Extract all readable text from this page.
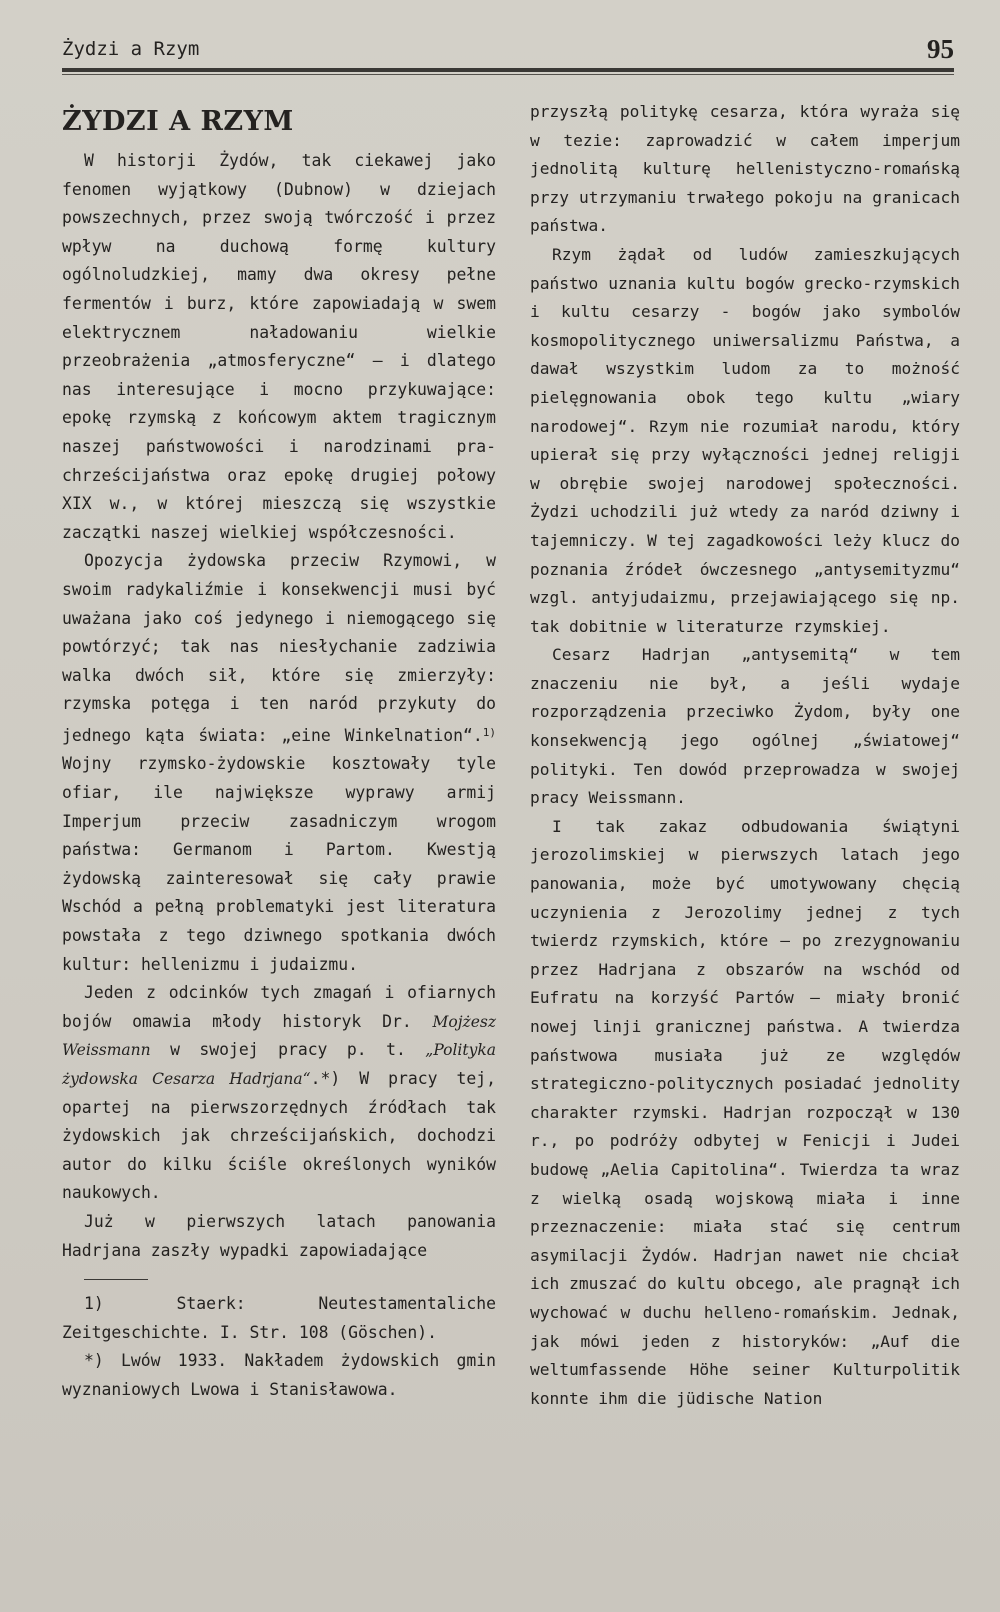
Żydzi a Rzym	95
ŻYDZI A RZYM

W historji Żydów, tak ciekawej jako fenomen wyjątkowy (Dubnow) w dziejach powszechnych, przez swoją twórczość i przez wpływ na duchową formę kultury ogólnoludzkiej, mamy dwa okresy pełne fermentów i burz, które zapowiadają w swem elektrycznem naładowaniu wielkie przeobrażenia „atmosferyczne“ — i dlatego nas interesujące i mocno przykuwające: epokę rzymską z końcowym aktem tragicznym naszej państwowości i narodzinami pra-chrześcijaństwa oraz epokę drugiej połowy XIX w., w której mieszczą się wszystkie zaczątki naszej wielkiej współczesności.

Opozycja żydowska przeciw Rzymowi, w swoim radykaliźmie i konsekwencji musi być uważana jako coś jedynego i niemogącego się powtórzyć; tak nas niesłychanie zadziwia walka dwóch sił, które się zmierzyły: rzymska potęga i ten naród przykuty do jednego kąta świata: „eine Winkelnation“.$^{1)}$ Wojny rzymsko-żydowskie kosztowały tyle ofiar, ile największe wyprawy armij Imperjum przeciw zasadniczym wrogom państwa: Germanom i Partom. Kwestją żydowską zainteresował się cały prawie Wschód a pełną problematyki jest literatura powstała z tego dziwnego spotkania dwóch kultur: hellenizmu i judaizmu.

Jeden z odcinków tych zmagań i ofiarnych bojów omawia młody historyk Dr. Mojżesz Weissmann w swojej pracy p. t. „Polityka żydowska Cesarza Hadrjana“.*) W pracy tej, opartej na pierwszorzędnych źródłach tak żydowskich jak chrześcijańskich, dochodzi autor do kilku ściśle określonych wyników naukowych.

Już w pierwszych latach panowania Hadrjana zaszły wypadki zapowiadające

1) Staerk: Neutestamentaliche Zeitgeschichte. I. Str. 108 (Göschen).

*) Lwów 1933. Nakładem żydowskich gmin wyznaniowych Lwowa i Stanisławowa.

przyszłą politykę cesarza, która wyraża się w tezie: zaprowadzić w całem imperjum jednolitą kulturę hellenistyczno-romańską przy utrzymaniu trwałego pokoju na granicach państwa.

Rzym żądał od ludów zamieszkujących państwo uznania kultu bogów grecko-rzymskich i kultu cesarzy - bogów jako symbolów kosmopolitycznego uniwersalizmu Państwa, a dawał wszystkim ludom za to możność pielęgnowania obok tego kultu „wiary narodowej“. Rzym nie rozumiał narodu, który upierał się przy wyłączności jednej religji w obrębie swojej narodowej społeczności. Żydzi uchodzili już wtedy za naród dziwny i tajemniczy. W tej zagadkowości leży klucz do poznania źródeł ówczesnego „antysemityzmu“ wzgl. antyjudaizmu, przejawiającego się np. tak dobitnie w literaturze rzymskiej.

Cesarz Hadrjan „antysemitą“ w tem znaczeniu nie był, a jeśli wydaje rozporządzenia przeciwko Żydom, były one konsekwencją jego ogólnej „światowej“ polityki. Ten dowód przeprowadza w swojej pracy Weissmann.

I tak zakaz odbudowania świątyni jerozolimskiej w pierwszych latach jego panowania, może być umotywowany chęcią uczynienia z Jerozolimy jednej z tych twierdz rzymskich, które — po zrezygnowaniu przez Hadrjana z obszarów na wschód od Eufratu na korzyść Partów — miały bronić nowej linji granicznej państwa. A twierdza państwowa musiała już ze względów strategiczno-politycznych posiadać jednolity charakter rzymski. Hadrjan rozpoczął w 130 r., po podróży odbytej w Fenicji i Judei budowę „Aelia Capitolina“. Twierdza ta wraz z wielką osadą wojskową miała i inne przeznaczenie: miała stać się centrum asymilacji Żydów. Hadrjan nawet nie chciał ich zmuszać do kultu obcego, ale pragnął ich wychować w duchu helleno-romańskim. Jednak, jak mówi jeden z historyków: „Auf die weltumfassende Höhe seiner Kulturpolitik konnte ihm die jüdische Nation
